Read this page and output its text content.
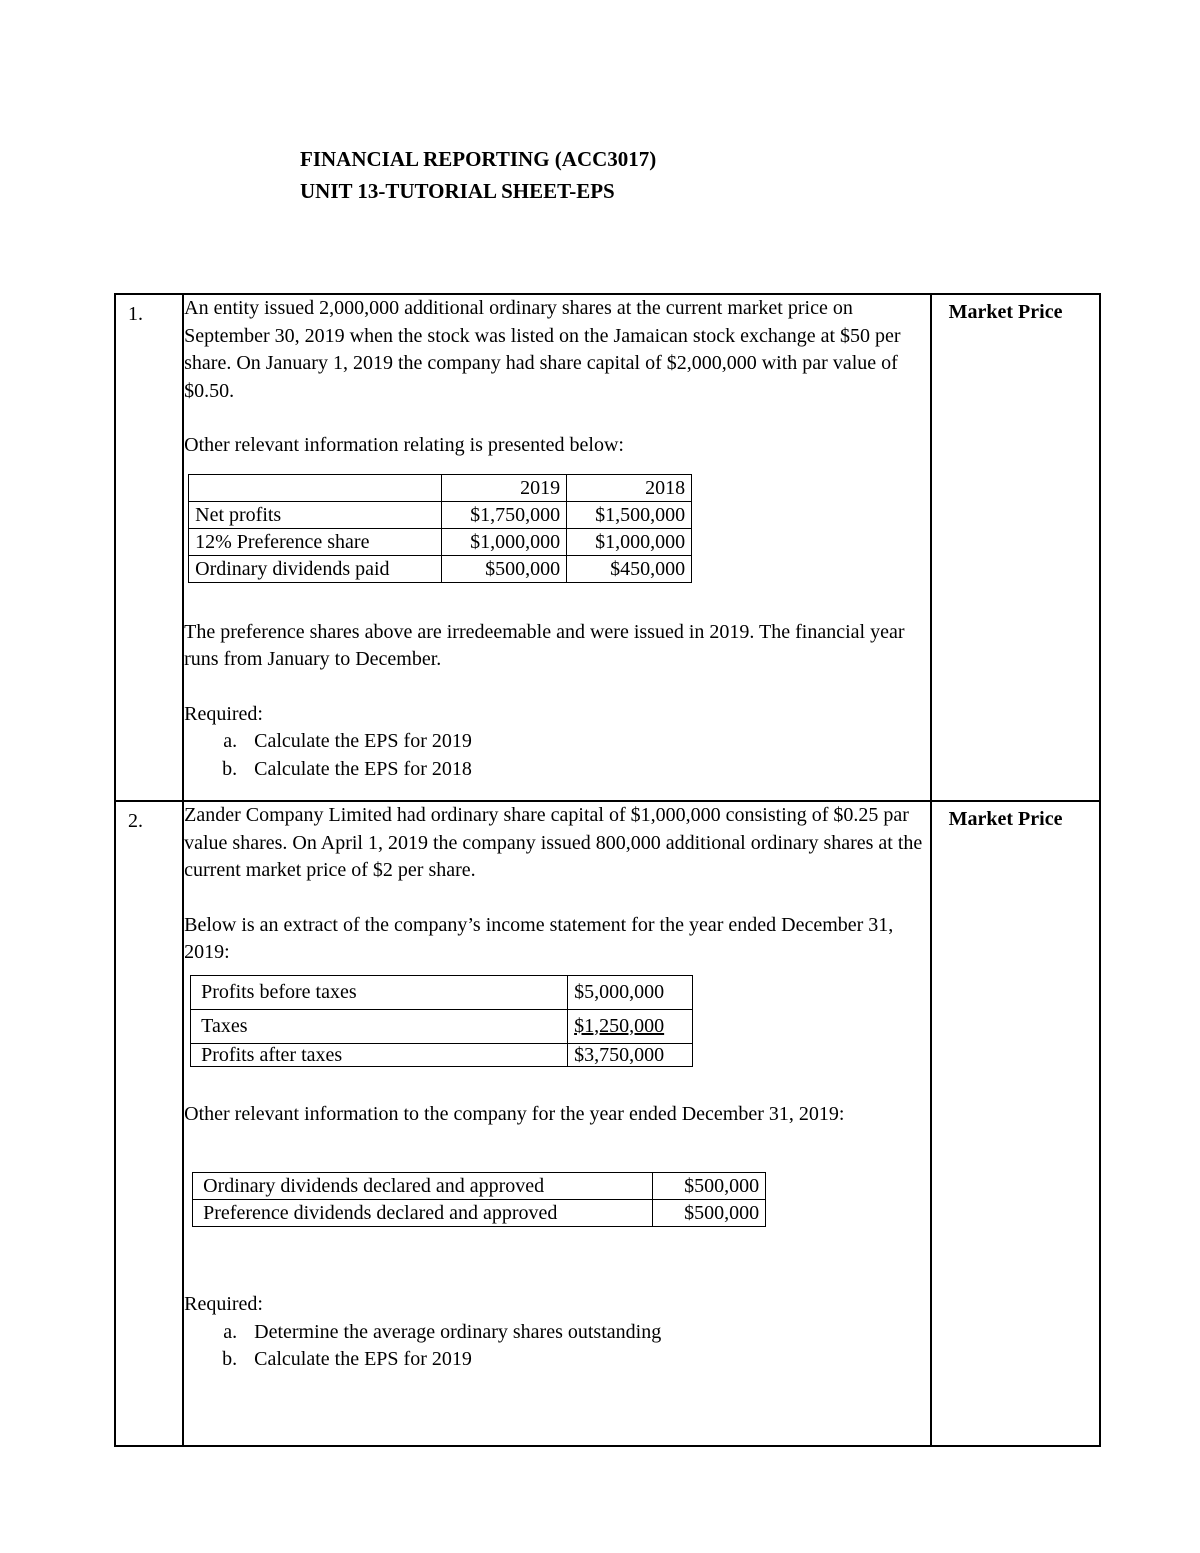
FINANCIAL REPORTING (ACC3017)
UNIT 13-TUTORIAL SHEET-EPS
1.	An entity issued 2,000,000 additional ordinary shares at the current market price on September 30, 2019 when the stock was listed on the Jamaican stock exchange at $50 per share. On January 1, 2019 the company had share capital of $2,000,000 with par value of $0.50.

Other relevant information relating is presented below:

	2019	2018
Net profits	$1,750,000	$1,500,000
12% Preference share	$1,000,000	$1,000,000
Ordinary dividends paid	$500,000	$450,000

The preference shares above are irredeemable and were issued in 2019. The financial year runs from January to December.

Required:

a. Calculate the EPS for 2019
b. Calculate the EPS for 2018

Market Price

2.	Zander Company Limited had ordinary share capital of $1,000,000 consisting of $0.25 par value shares. On April 1, 2019 the company issued 800,000 additional ordinary shares at the current market price of $2 per share.

Below is an extract of the company’s income statement for the year ended December 31, 2019:

Profits before taxes	$5,000,000
Taxes	$1,250,000
Profits after taxes	$3,750,000

Other relevant information to the company for the year ended December 31, 2019:

Ordinary dividends declared and approved	$500,000
Preference dividends declared and approved	$500,000

Required:

a. Determine the average ordinary shares outstanding
b. Calculate the EPS for 2019

Market Price
